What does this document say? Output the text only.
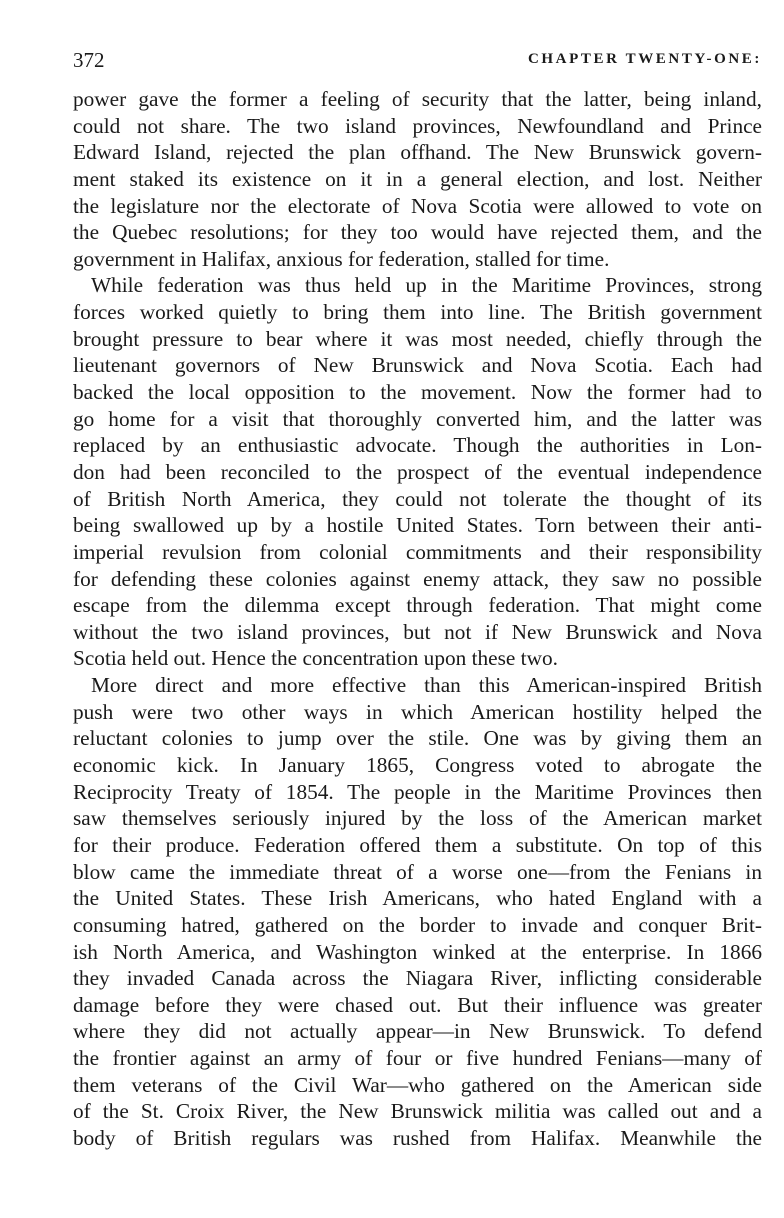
372	CHAPTER TWENTY-ONE:
power gave the former a feeling of security that the latter, being inland,
could not share. The two island provinces, Newfoundland and Prince
Edward Island, rejected the plan offhand. The New Brunswick govern-
ment staked its existence on it in a general election, and lost. Neither
the legislature nor the electorate of Nova Scotia were allowed to vote on
the Quebec resolutions; for they too would have rejected them, and the
government in Halifax, anxious for federation, stalled for time.
While federation was thus held up in the Maritime Provinces, strong
forces worked quietly to bring them into line. The British government
brought pressure to bear where it was most needed, chiefly through the
lieutenant governors of New Brunswick and Nova Scotia. Each had
backed the local opposition to the movement. Now the former had to
go home for a visit that thoroughly converted him, and the latter was
replaced by an enthusiastic advocate. Though the authorities in Lon-
don had been reconciled to the prospect of the eventual independence
of British North America, they could not tolerate the thought of its
being swallowed up by a hostile United States. Torn between their anti-
imperial revulsion from colonial commitments and their responsibility
for defending these colonies against enemy attack, they saw no possible
escape from the dilemma except through federation. That might come
without the two island provinces, but not if New Brunswick and Nova
Scotia held out. Hence the concentration upon these two.
More direct and more effective than this American-inspired British
push were two other ways in which American hostility helped the
reluctant colonies to jump over the stile. One was by giving them an
economic kick. In January 1865, Congress voted to abrogate the
Reciprocity Treaty of 1854. The people in the Maritime Provinces then
saw themselves seriously injured by the loss of the American market
for their produce. Federation offered them a substitute. On top of this
blow came the immediate threat of a worse one—from the Fenians in
the United States. These Irish Americans, who hated England with a
consuming hatred, gathered on the border to invade and conquer Brit-
ish North America, and Washington winked at the enterprise. In 1866
they invaded Canada across the Niagara River, inflicting considerable
damage before they were chased out. But their influence was greater
where they did not actually appear—in New Brunswick. To defend
the frontier against an army of four or five hundred Fenians—many of
them veterans of the Civil War—who gathered on the American side
of the St. Croix River, the New Brunswick militia was called out and a
body of British regulars was rushed from Halifax. Meanwhile the
